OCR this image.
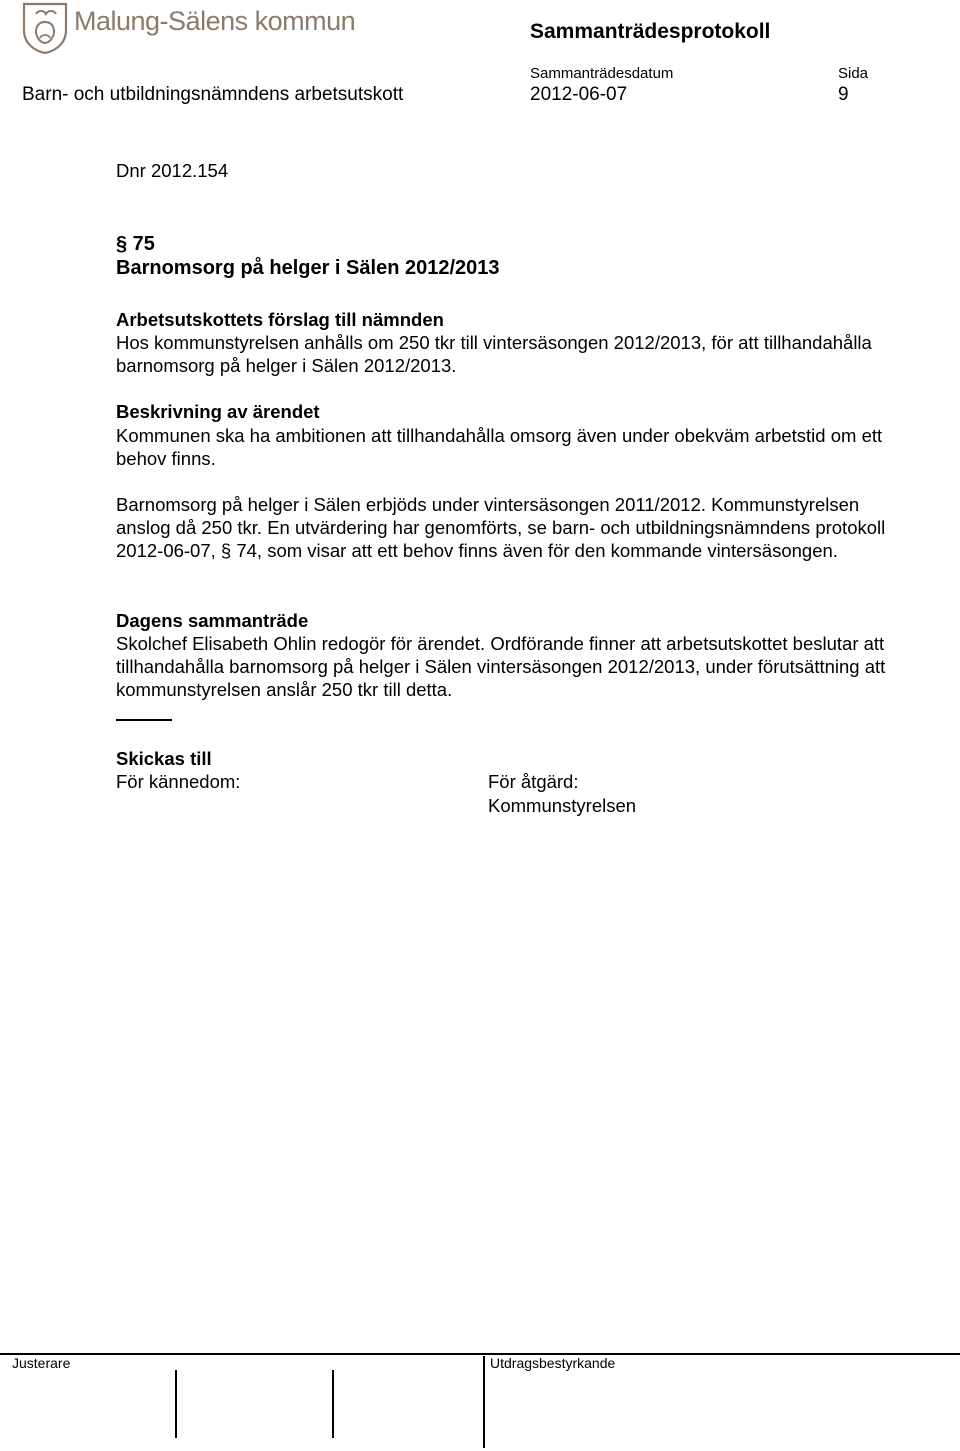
Malung-Sälens kommun	Sammanträdesprotokoll
Sammanträdesdatum	Sida
Barn- och utbildningsnämndens arbetsutskott	2012-06-07	9
Dnr 2012.154
§ 75
Barnomsorg på helger i Sälen 2012/2013
Arbetsutskottets förslag till nämnden
Hos kommunstyrelsen anhålls om 250 tkr till vintersäsongen 2012/2013, för att tillhandahålla barnomsorg på helger i Sälen 2012/2013.
Beskrivning av ärendet
Kommunen ska ha ambitionen att tillhandahålla omsorg även under obekväm arbetstid om ett behov finns.
Barnomsorg på helger i Sälen erbjöds under vintersäsongen 2011/2012. Kommunstyrelsen anslog då 250 tkr. En utvärdering har genomförts, se barn- och utbildningsnämndens protokoll 2012-06-07, § 74, som visar att ett behov finns även för den kommande vintersäsongen.
Dagens sammanträde
Skolchef Elisabeth Ohlin redogör för ärendet. Ordförande finner att arbetsutskottet beslutar att tillhandahålla barnomsorg på helger i Sälen vintersäsongen 2012/2013, under förutsättning att kommunstyrelsen anslår 250 tkr till detta.
Skickas till
För kännedom:	För åtgärd:
Kommunstyrelsen
Justerare	Utdragsbestyrkande
